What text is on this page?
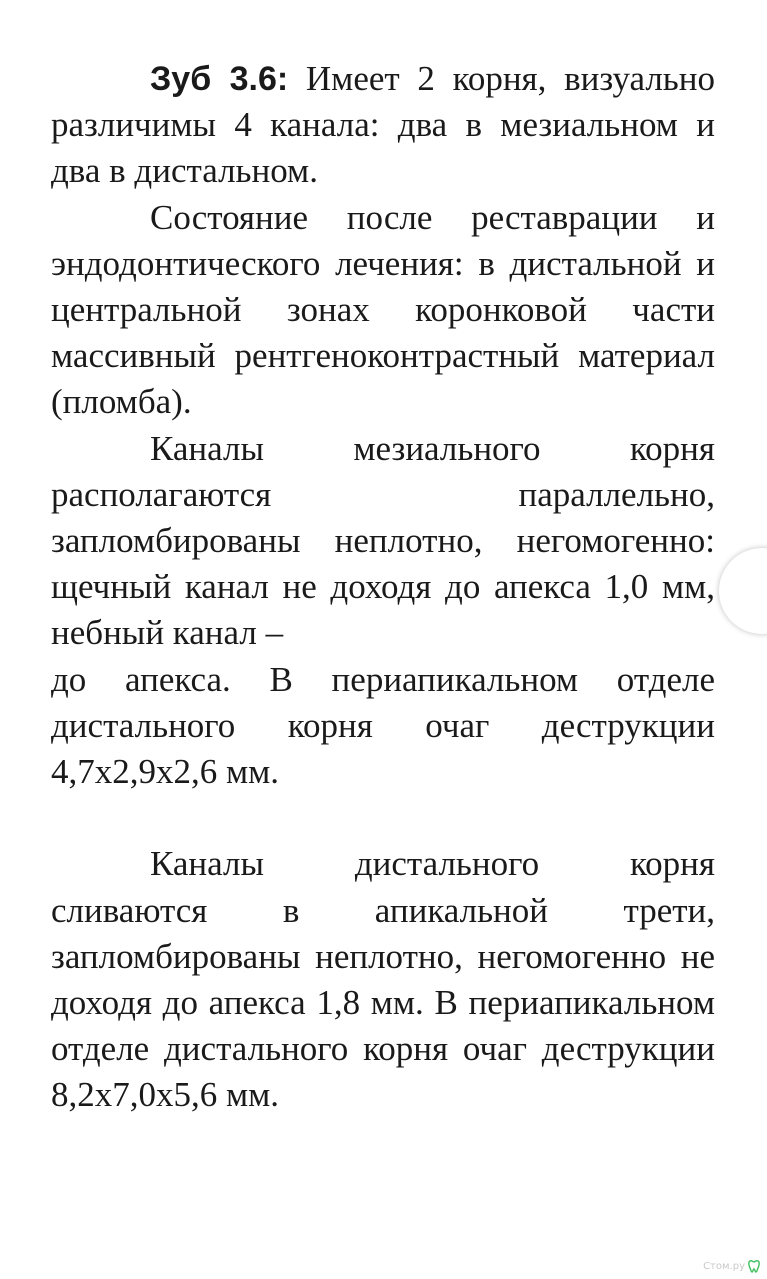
Зуб 3.6: Имеет 2 корня, визуально различимы 4 канала: два в мезиальном и два в дистальном.

Состояние после реставрации и эндодонтического лечения: в дистальной и центральной зонах коронковой части массивный рентгеноконтрастный материал (пломба).

Каналы мезиального корня располагаются параллельно, запломбированы неплотно, негомогенно: щечный канал не доходя до апекса 1,0 мм, небный канал –
до апекса. В периапикальном отделе дистального корня очаг деструкции 4,7х2,9х2,6 мм.

Каналы дистального корня сливаются в апикальной трети, запломбированы неплотно, негомогенно не доходя до апекса 1,8 мм. В периапикальном отделе дистального корня очаг деструкции 8,2х7,0х5,6 мм.

Стом.ру
